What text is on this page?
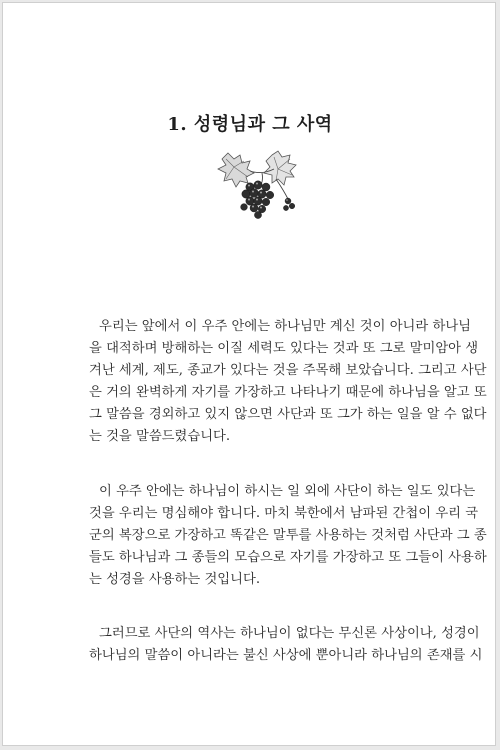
1. 성령님과 그 사역
우리는 앞에서 이 우주 안에는 하나님만 계신 것이 아니라 하나님
을 대적하며 방해하는 이질 세력도 있다는 것과 또 그로 말미암아 생
겨난 세계, 제도, 종교가 있다는 것을 주목해 보았습니다. 그리고 사단
은 거의 완벽하게 자기를 가장하고 나타나기 때문에 하나님을 알고 또
그 말씀을 경외하고 있지 않으면 사단과 또 그가 하는 일을 알 수 없다
는 것을 말씀드렸습니다.
이 우주 안에는 하나님이 하시는 일 외에 사단이 하는 일도 있다는
것을 우리는 명심해야 합니다. 마치 북한에서 남파된 간첩이 우리 국
군의 복장으로 가장하고 똑같은 말투를 사용하는 것처럼 사단과 그 종
들도 하나님과 그 종들의 모습으로 자기를 가장하고 또 그들이 사용하
는 성경을 사용하는 것입니다.
그러므로 사단의 역사는 하나님이 없다는 무신론 사상이나, 성경이
하나님의 말씀이 아니라는 불신 사상에 뿐아니라 하나님의 존재를 시
